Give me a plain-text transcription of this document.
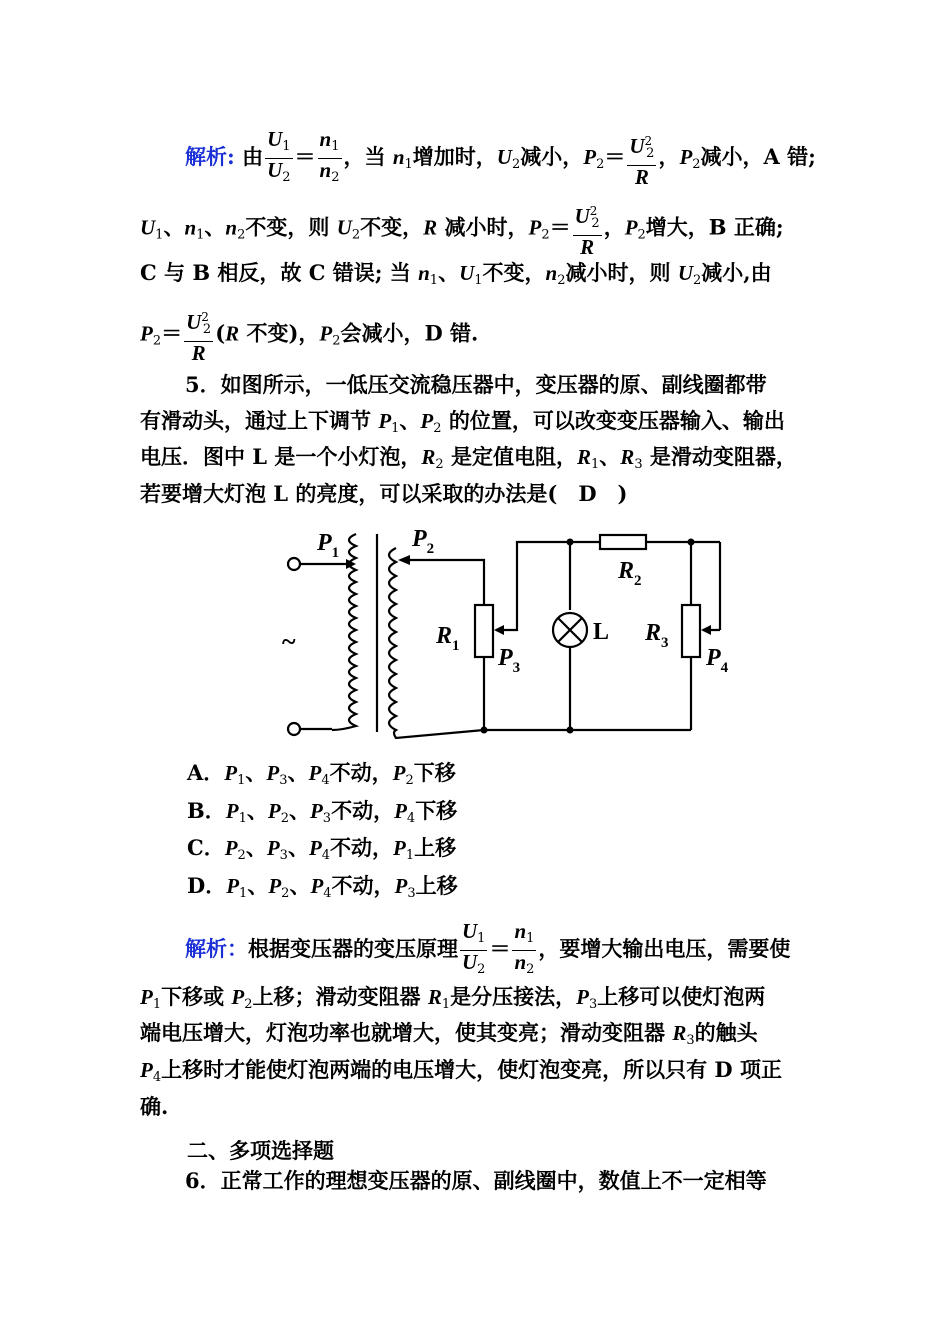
解析: 由 $\frac{U_1}{U_2} = \frac{n_1}{n_2}$ ，当 $n_1$增加时，$U_2$减小，$P_2= \frac{U^2_2}{R}$ ，$P_2$减小，A 错;
$U_1$、$n_1$、$n_2$不变，则 $U_2$不变，R 减小时，$P_2= \frac{U^2_2}{R}$ ，$P_2$增大，B 正确;
C 与 B 相反，故 C 错误; 当 $n_1$、$U_1$不变，$n_2$减小时，则 $U_2$减小,由
$P_2= \frac{U^2_2}{R} (R$ 不变)，$P_2$会减小，D 错.
5．如图所示，一低压交流稳压器中，变压器的原、副线圈都带
有滑动头，通过上下调节 $P_1$、$P_2$ 的位置，可以改变变压器输入、输出
电压．图中 L 是一个小灯泡，$R_2$ 是定值电阻，$R_1$、$R_3$ 是滑动变阻器，
若要增大灯泡 L 的亮度，可以采取的办法是(　D　)
$P_1$
$P_2$
$R_1$ $P_3$
$R_2$
$R_3$
$P_4$
L
~
A．$P_1$、$P_3$、$P_4$不动，$P_2$下移
B．$P_1$、$P_2$、$P_3$不动，$P_4$下移
C．$P_2$、$P_3$、$P_4$不动，$P_1$上移
D．$P_1$、$P_2$、$P_4$不动，$P_3$上移
解析：根据变压器的变压原理 $\frac{U_1}{U_2} = \frac{n_1}{n_2}$ ，要增大输出电压，需要使
$P_1$下移或 $P_2$上移；滑动变阻器 $R_1$是分压接法，$P_3$上移可以使灯泡两
端电压增大，灯泡功率也就增大，使其变亮；滑动变阻器 $R_3$的触头
$P_4$上移时才能使灯泡两端的电压增大，使灯泡变亮，所以只有 D 项正
确.
二、多项选择题
6．正常工作的理想变压器的原、副线圈中，数值上不一定相等
